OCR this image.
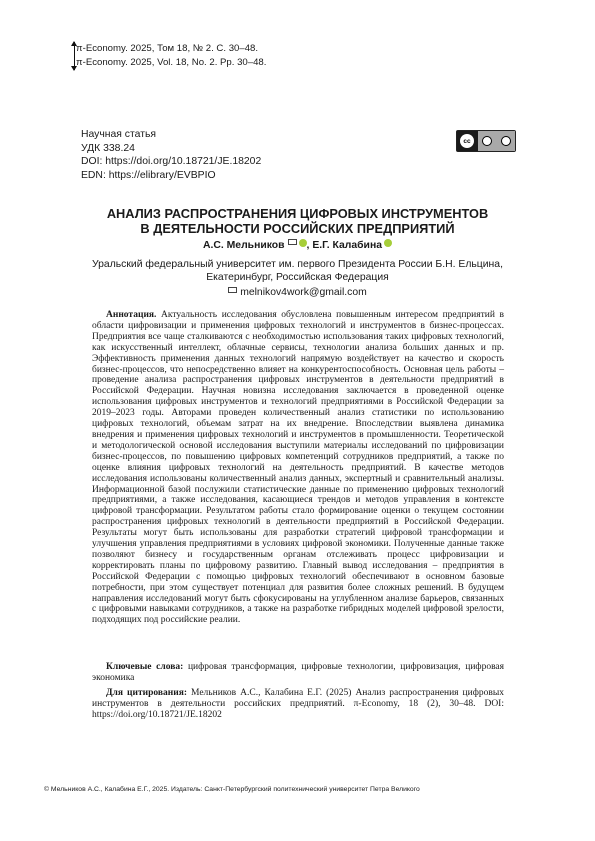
π-Economy. 2025, Том 18, № 2. С. 30–48.
π-Economy. 2025, Vol. 18, No. 2. Pp. 30–48.
Научная статья
УДК 338.24
DOI: https://doi.org/10.18721/JE.18202
EDN: https://elibrary/EVBPIO
cc
АНАЛИЗ РАСПРОСТРАНЕНИЯ ЦИФРОВЫХ ИНСТРУМЕНТОВ
В ДЕЯТЕЛЬНОСТИ РОССИЙСКИХ ПРЕДПРИЯТИЙ
А.С. Мельников , Е.Г. Калабина
Уральский федеральный университет им. первого Президента России Б.Н. Ельцина,
Екатеринбург, Российская Федерация
melnikov4work@gmail.com
Аннотация. Актуальность исследования обусловлена повышенным интересом предприятий в области цифровизации и применения цифровых технологий и инструментов в бизнес-процессах. Предприятия все чаще сталкиваются с необходимостью использования таких цифровых технологий, как искусственный интеллект, облачные сервисы, технологии анализа больших данных и пр. Эффективность применения данных технологий напрямую воздействует на качество и скорость бизнес-процессов, что непосредственно влияет на конкурентоспособность. Основная цель работы – проведение анализа распространения цифровых инструментов в деятельности предприятий в Российской Федерации. Научная новизна исследования заключается в проведенной оценке использования цифровых инструментов и технологий предприятиями в Российской Федерации за 2019–2023 годы. Авторами проведен количественный анализ статистики по использованию цифровых технологий, объемам затрат на их внедрение. Впоследствии выявлена динамика внедрения и применения цифровых технологий и инструментов в промышленности. Теоретической и методологической основой исследования выступили материалы исследований по цифровизации бизнес-процессов, по повышению цифровых компетенций сотрудников предприятий, а также по оценке влияния цифровых технологий на деятельность предприятий. В качестве методов исследования использованы количественный анализ данных, экспертный и сравнительный анализы. Информационной базой послужили статистические данные по применению цифровых технологий предприятиями, а также исследования, касающиеся трендов и методов управления в контексте цифровой трансформации. Результатом работы стало формирование оценки о текущем состоянии распространения цифровых технологий в деятельности предприятий в Российской Федерации. Результаты могут быть использованы для разработки стратегий цифровой трансформации и улучшения управления предприятиями в условиях цифровой экономики. Полученные данные также позволяют бизнесу и государственным органам отслеживать процесс цифровизации и корректировать планы по цифровому развитию. Главный вывод исследования – предприятия в Российской Федерации с помощью цифровых технологий обеспечивают в основном базовые потребности, при этом существует потенциал для развития более сложных решений. В будущем направления исследований могут быть сфокусированы на углубленном анализе барьеров, связанных с цифровыми навыками сотрудников, а также на разработке гибридных моделей цифровой зрелости, подходящих под российские реалии.
Ключевые слова: цифровая трансформация, цифровые технологии, цифровизация, цифровая экономика
Для цитирования: Мельников А.С., Калабина Е.Г. (2025) Анализ распространения цифровых инструментов в деятельности российских предприятий. π-Economy, 18 (2), 30–48. DOI: https://doi.org/10.18721/JE.18202
© Мельников А.С., Калабина Е.Г., 2025. Издатель: Санкт-Петербургский политехнический университет Петра Великого
